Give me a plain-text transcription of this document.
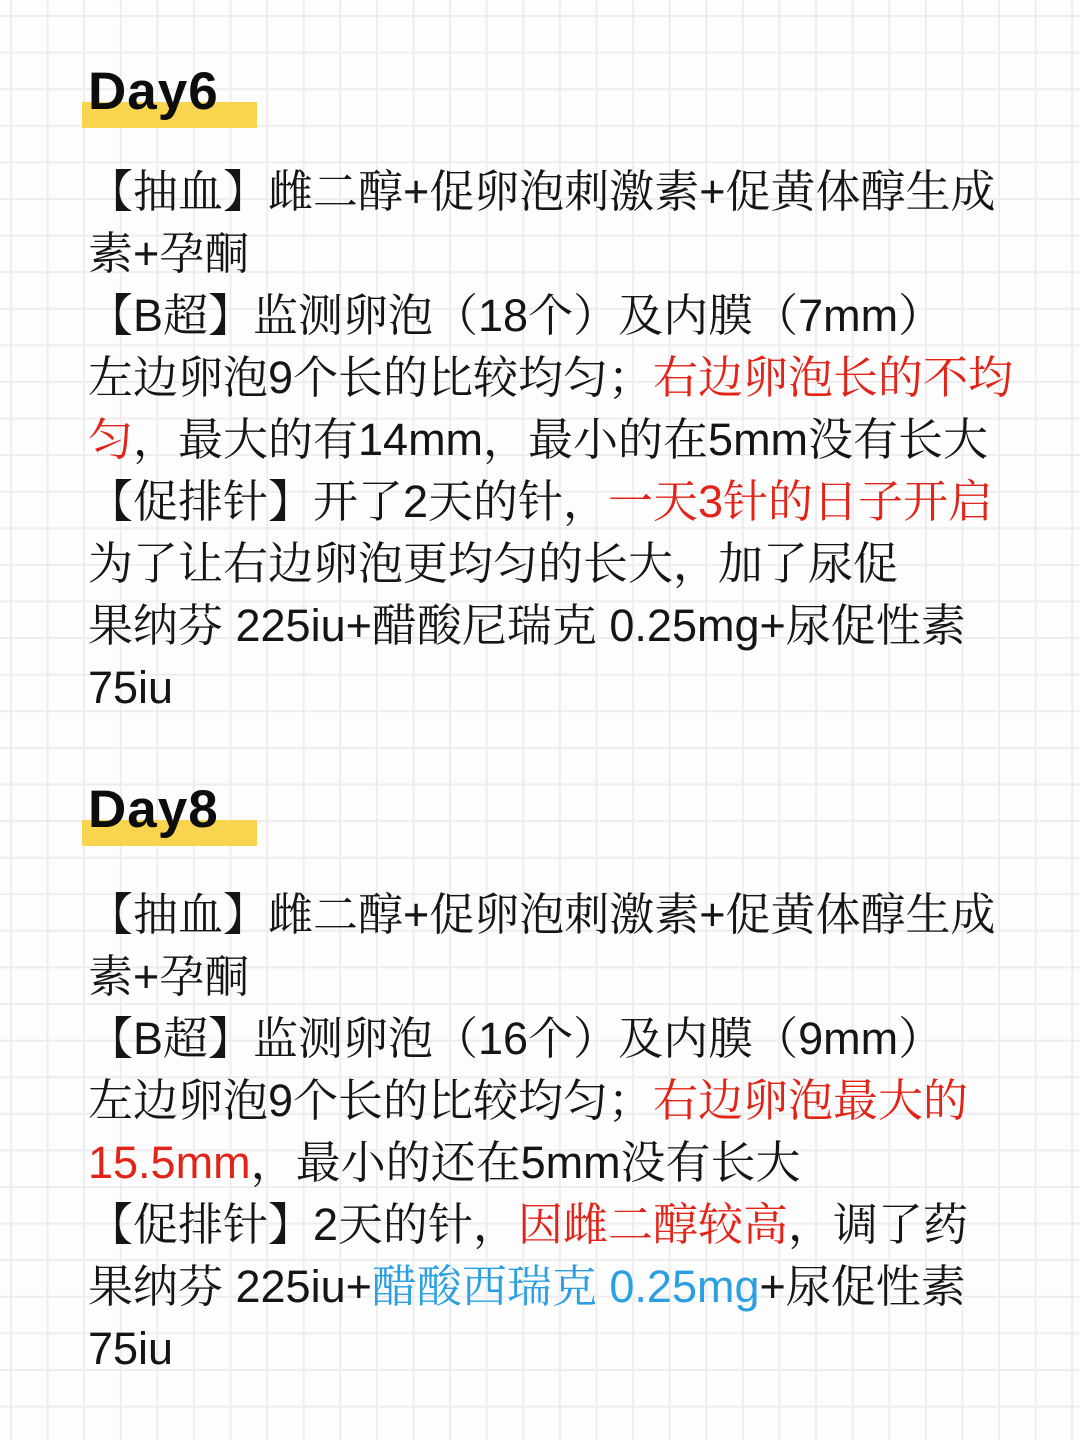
Day6
【抽血】雌二醇+促卵泡刺激素+促黄体醇生成
素+孕酮
【B超】监测卵泡（18个）及内膜（7mm）
左边卵泡9个长的比较均匀；右边卵泡长的不均
匀，最大的有14mm，最小的在5mm没有长大
【促排针】开了2天的针，一天3针的日子开启
为了让右边卵泡更均匀的长大，加了尿促
果纳芬 225iu+醋酸尼瑞克 0.25mg+尿促性素
75iu
Day8
【抽血】雌二醇+促卵泡刺激素+促黄体醇生成
素+孕酮
【B超】监测卵泡（16个）及内膜（9mm）
左边卵泡9个长的比较均匀；右边卵泡最大的
15.5mm，最小的还在5mm没有长大
【促排针】2天的针，因雌二醇较高，调了药
果纳芬 225iu+醋酸西瑞克 0.25mg+尿促性素
75iu
